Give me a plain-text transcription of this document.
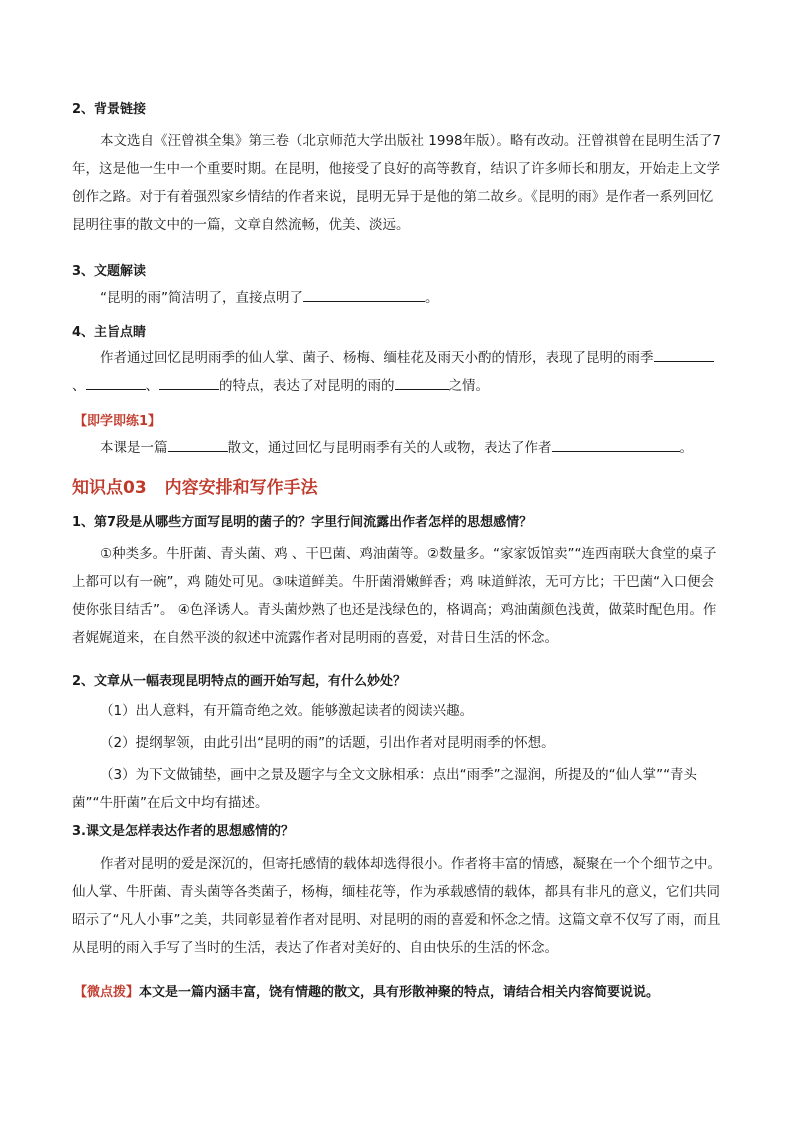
2、背景链接
本文选自《汪曾祺全集》第三卷（北京师范大学出版社 1998年版）。略有改动。汪曾祺曾在昆明生活了7年，这是他一生中一个重要时期。在昆明，他接受了良好的高等教育，结识了许多师长和朋友，开始走上文学创作之路。对于有着强烈家乡情结的作者来说，昆明无异于是他的第二故乡。《昆明的雨》是作者一系列回忆昆明往事的散文中的一篇，文章自然流畅，优美、淡远。
3、文题解读
“昆明的雨”简洁明了，直接点明了	。
4、主旨点睛
作者通过回忆昆明雨季的仙人掌、菌子、杨梅、缅桂花及雨天小酌的情形，表现了昆明的雨季、	、	的特点，表达了对昆明的雨的	之情。
【即学即练1】
本课是一篇	散文，通过回忆与昆明雨季有关的人或物，表达了作者	。
知识点03 内容安排和写作手法
1、第7段是从哪些方面写昆明的菌子的？字里行间流露出作者怎样的思想感情？
①种类多。牛肝菌、青头菌、鸡 、干巴菌、鸡油菌等。②数量多。“家家饭馆卖”“连西南联大食堂的桌子上都可以有一碗”，鸡 随处可见。③味道鲜美。牛肝菌滑嫩鲜香；鸡 味道鲜浓，无可方比；干巴菌“入口便会使你张目结舌”。 ④色泽诱人。青头菌炒熟了也还是浅绿色的，格调高；鸡油菌颜色浅黄，做菜时配色用。作者娓娓道来，在自然平淡的叙述中流露作者对昆明雨的喜爱，对昔日生活的怀念。
2、文章从一幅表现昆明特点的画开始写起，有什么妙处？
（1）出人意料，有开篇奇绝之效。能够激起读者的阅读兴趣。
（2）提纲挈领，由此引出“昆明的雨”的话题，引出作者对昆明雨季的怀想。
（3）为下文做铺垫，画中之景及题字与全文文脉相承：点出“雨季”之湿润，所提及的“仙人掌”“青头菌”“牛肝菌”在后文中均有描述。
3.课文是怎样表达作者的思想感情的？
作者对昆明的爱是深沉的，但寄托感情的载体却选得很小。作者将丰富的情感，凝聚在一个个细节之中。仙人掌、牛肝菌、青头菌等各类菌子，杨梅，缅桂花等，作为承载感情的载体，都具有非凡的意义，它们共同昭示了“凡人小事”之美，共同彰显着作者对昆明、对昆明的雨的喜爱和怀念之情。这篇文章不仅写了雨，而且从昆明的雨入手写了当时的生活，表达了作者对美好的、自由快乐的生活的怀念。
【微点拨】本文是一篇内涵丰富，饶有情趣的散文，具有形散神聚的特点，请结合相关内容简要说说。
